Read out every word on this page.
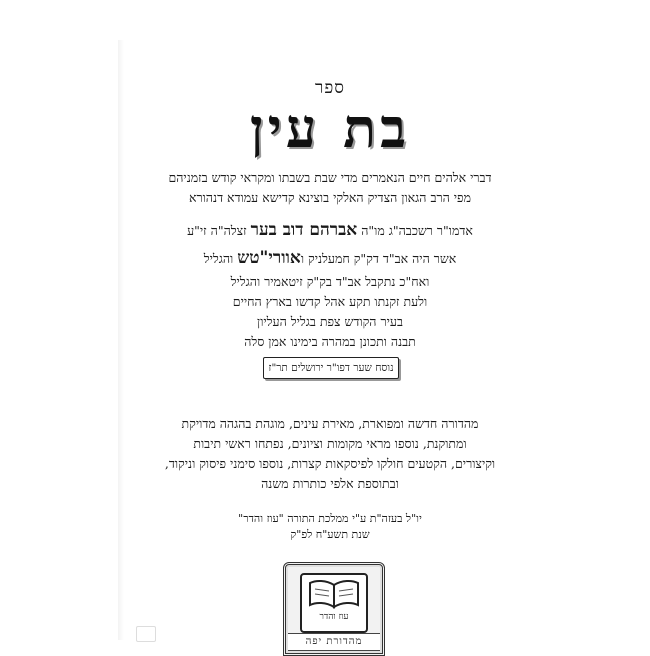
ספר
בת עין
דברי אלהים חיים הנאמרים מדי שבת בשבתו ומקראי קודש בזמניהם
מפי הרב הגאון הצדיק האלקי בוצינא קדישא עמודא דנהורא
אדמו"ר רשכבה"ג מו"ה אברהם דוב בער זצלה"ה זי"ע
אשר היה אב"ד דק"ק חמעלניק ואוורי"טש והגליל
ואח"כ נתקבל אב"ד בק"ק זיטאמיר והגליל
ולעת זקנתו תקע אהל קדשו בארץ החיים
בעיר הקודש צפת בגליל העליון
תבנה ותכונן במהרה בימינו אמן סלה
נוסח שער דפו"ר ירושלים תר"ז
מהדורה חדשה ומפוארת, מאירת עינים, מוגהת בהגהה מדויקת
ומתוקנת, נוספו מראי מקומות וציונים, נפתחו ראשי תיבות
וקיצורים, הקטעים חולקו לפיסקאות קצרות, נוספו סימני פיסוק וניקוד,
ובתוספת אלפי כותרות משנה
יו"ל בעזה"ת ע"י ממלכת התורה "עוז והדר"
שנת תשע"ח לפ"ק
עוז והדר
מהדורת יפה
